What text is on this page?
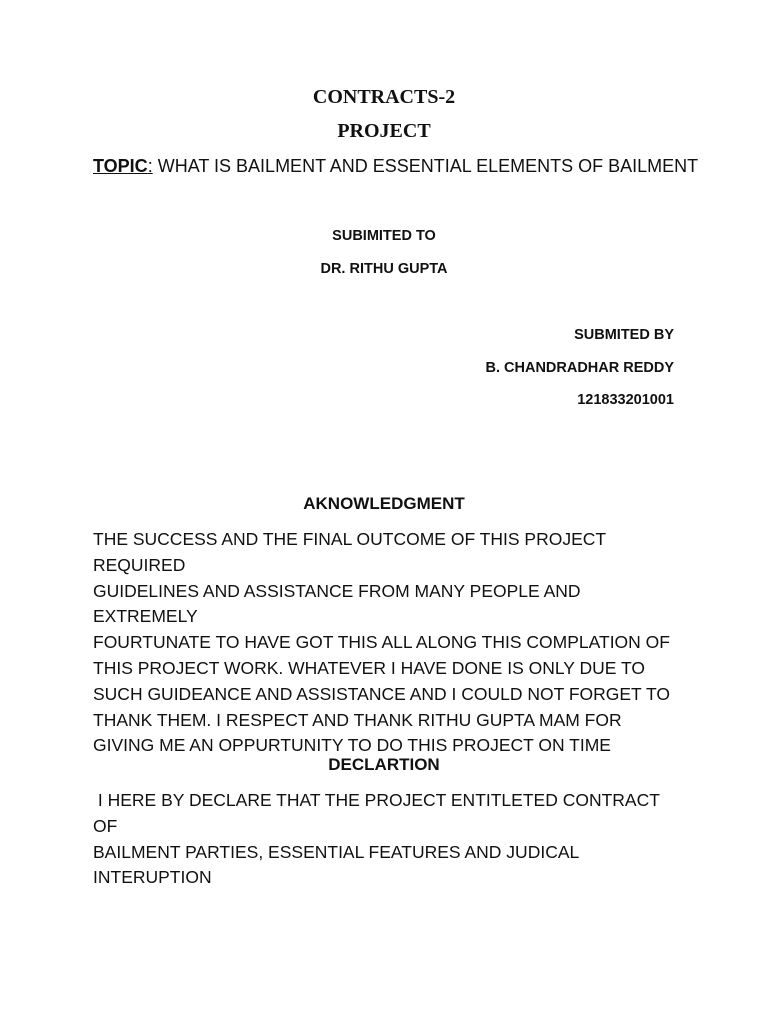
CONTRACTS-2
PROJECT
TOPIC: WHAT IS BAILMENT AND ESSENTIAL ELEMENTS OF BAILMENT
SUBIMITED TO
DR. RITHU GUPTA
SUBMITED BY
B. CHANDRADHAR REDDY
121833201001
AKNOWLEDGMENT
THE SUCCESS AND THE FINAL OUTCOME OF THIS PROJECT REQUIRED
GUIDELINES AND ASSISTANCE FROM MANY PEOPLE AND EXTREMELY
FOURTUNATE TO HAVE GOT THIS ALL ALONG THIS COMPLATION OF
THIS PROJECT WORK. WHATEVER I HAVE DONE IS ONLY DUE TO
SUCH GUIDEANCE AND ASSISTANCE AND I COULD NOT FORGET TO
THANK THEM. I RESPECT AND THANK RITHU GUPTA MAM FOR
GIVING ME AN OPPURTUNITY TO DO THIS PROJECT ON TIME
DECLARTION
I HERE BY DECLARE THAT THE PROJECT ENTITLETED CONTRACT OF
BAILMENT PARTIES, ESSENTIAL FEATURES AND JUDICAL
INTERUPTION
